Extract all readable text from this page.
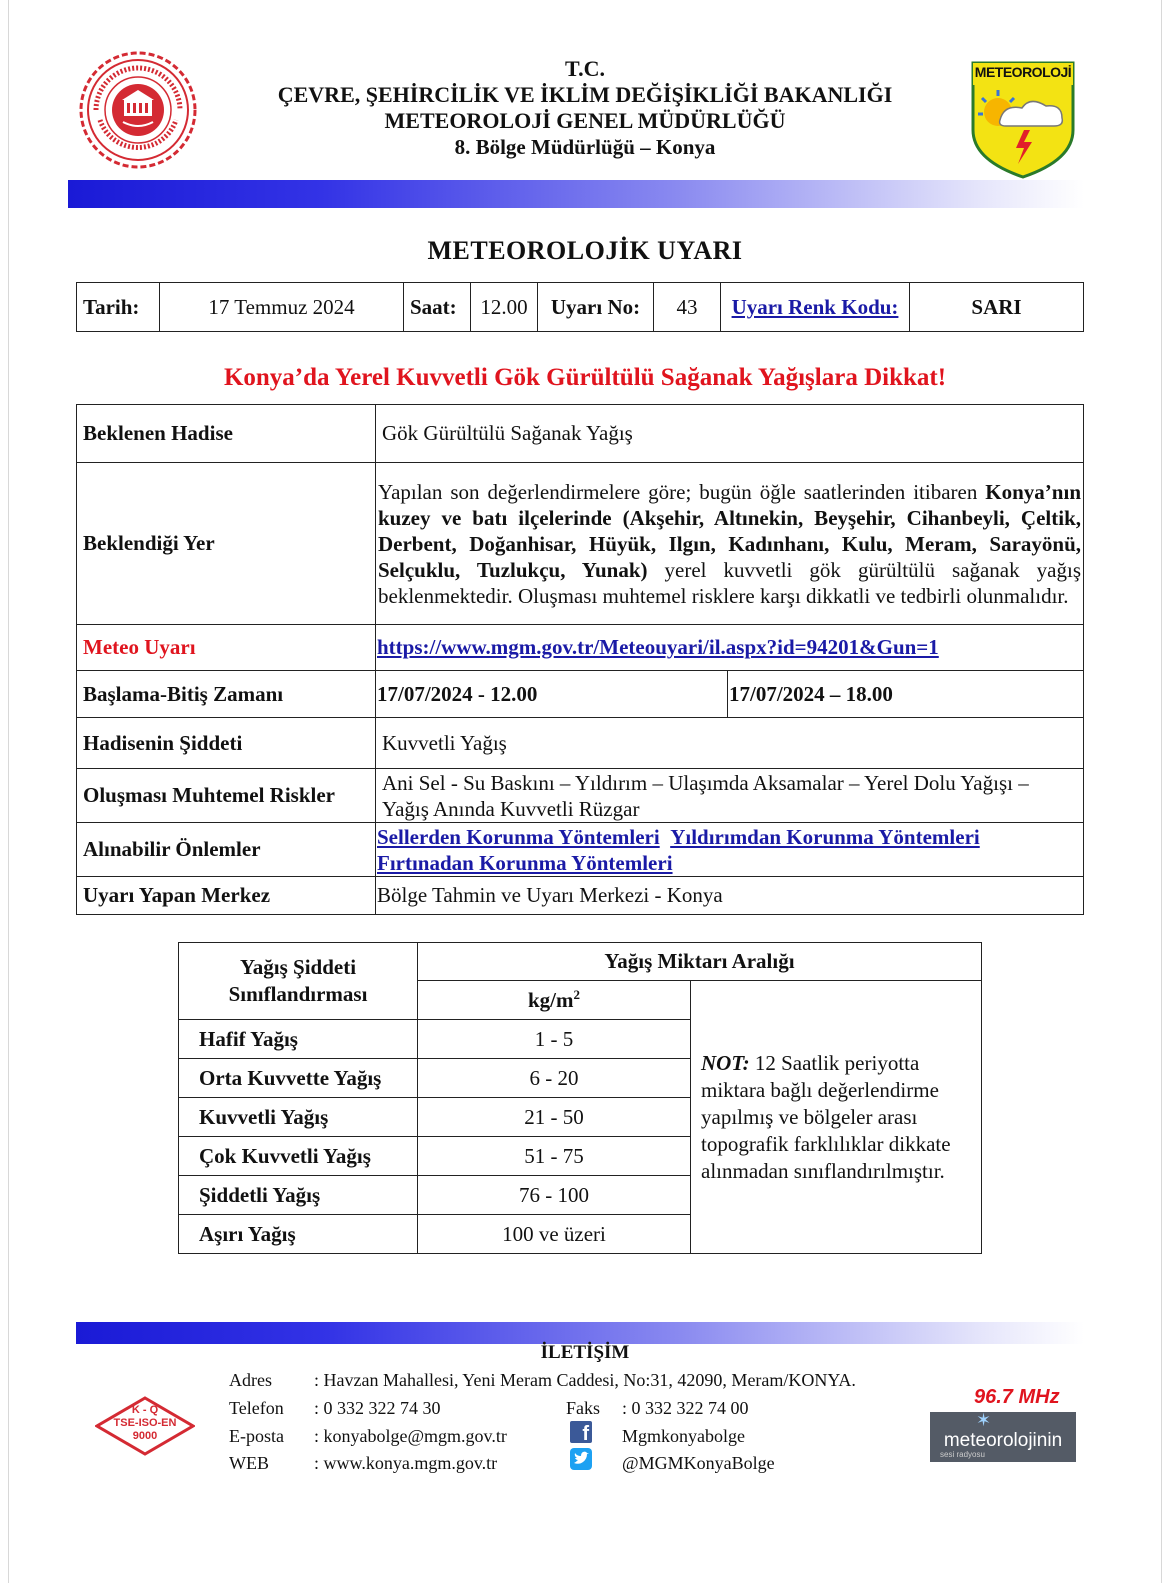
T.C.
ÇEVRE, ŞEHİRCİLİK VE İKLİM DEĞİŞİKLİĞİ BAKANLIĞI
METEOROLOJİ GENEL MÜDÜRLÜĞÜ
8. Bölge Müdürlüğü – Konya
METEOROLOJİ
METEOROLOJİK UYARI
Tarih:	17 Temmuz 2024	Saat:	12.00	Uyarı No:	43	Uyarı Renk Kodu:	SARI
Konya’da Yerel Kuvvetli Gök Gürültülü Sağanak Yağışlara Dikkat!
Beklenen Hadise	Gök Gürültülü Sağanak Yağış	
Beklendiği Yer	Yapılan son değerlendirmelere göre; bugün öğle saatlerinden itibaren Konya’nın kuzey ve batı ilçelerinde (Akşehir, Altınekin, Beyşehir, Cihanbeyli, Çeltik, Derbent, Doğanhisar, Hüyük, Ilgın, Kadınhanı, Kulu, Meram, Sarayönü, Selçuklu, Tuzlukçu, Yunak) yerel kuvvetli gök gürültülü sağanak yağış beklenmektedir. Oluşması muhtemel risklere karşı dikkatli ve tedbirli olunmalıdır.	
Meteo Uyarı	https://www.mgm.gov.tr/Meteouyari/il.aspx?id=94201&Gun=1	
Başlama-Bitiş Zamanı	17/07/2024 - 12.00	17/07/2024 – 18.00
Hadisenin Şiddeti	Kuvvetli Yağış	
Oluşması Muhtemel Riskler	Ani Sel - Su Baskını – Yıldırım – Ulaşımda Aksamalar – Yerel Dolu Yağışı – Yağış Anında Kuvvetli Rüzgar	
Alınabilir Önlemler	Sellerden Korunma Yöntemleri Yıldırımdan Korunma Yöntemleri
Fırtınadan Korunma Yöntemleri	
Uyarı Yapan Merkez	Bölge Tahmin ve Uyarı Merkezi - Konya	
Yağış Şiddeti
Sınıflandırması	Yağış Miktarı Aralığı	
	$kg/m^2$	NOT: 12 Saatlik periyotta miktara bağlı değerlendirme yapılmış ve bölgeler arası topografik farklılıklar dikkate alınmadan sınıflandırılmıştır.
Hafif Yağış	1 - 5	
Orta Kuvvette Yağış	6 - 20	
Kuvvetli Yağış	21 - 50	
Çok Kuvvetli Yağış	51 - 75	
Şiddetli Yağış	76 - 100	
Aşırı Yağış	100 ve üzeri	
İLETİŞİM
K - Q
TSE-ISO-EN
9000
Adres : Havzan Mahallesi, Yeni Meram Caddesi, No:31, 42090, Meram/KONYA.
Telefon : 0 332 322 74 30	Faks : 0 332 322 74 00
E-posta : konyabolge@mgm.gov.tr
WEB	: www.konya.mgm.gov.tr
f Mgmkonyabolge
@MGMKonyaBolge
96.7 MHz
✶
meteorolojinin
sesi radyosu
